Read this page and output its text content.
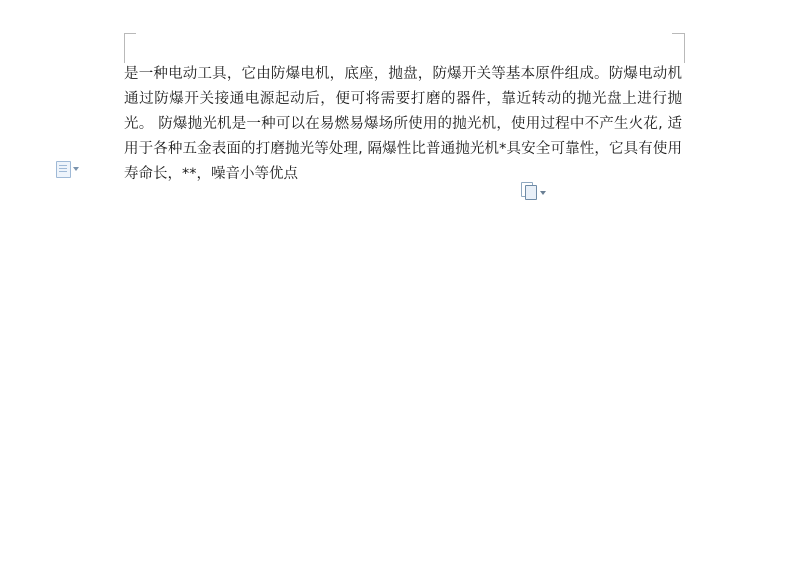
是一种电动工具，它由防爆电机，底座，抛盘，防爆开关等基本原件组成。防爆电动机通过防爆开关接通电源起动后，便可将需要打磨的器件，靠近转动的抛光盘上进行抛光。 防爆抛光机是一种可以在易燃易爆场所使用的抛光机，使用过程中不产生火花, 适用于各种五金表面的打磨抛光等处理, 隔爆性比普通抛光机*具安全可靠性，它具有使用寿命长，**，噪音小等优点
